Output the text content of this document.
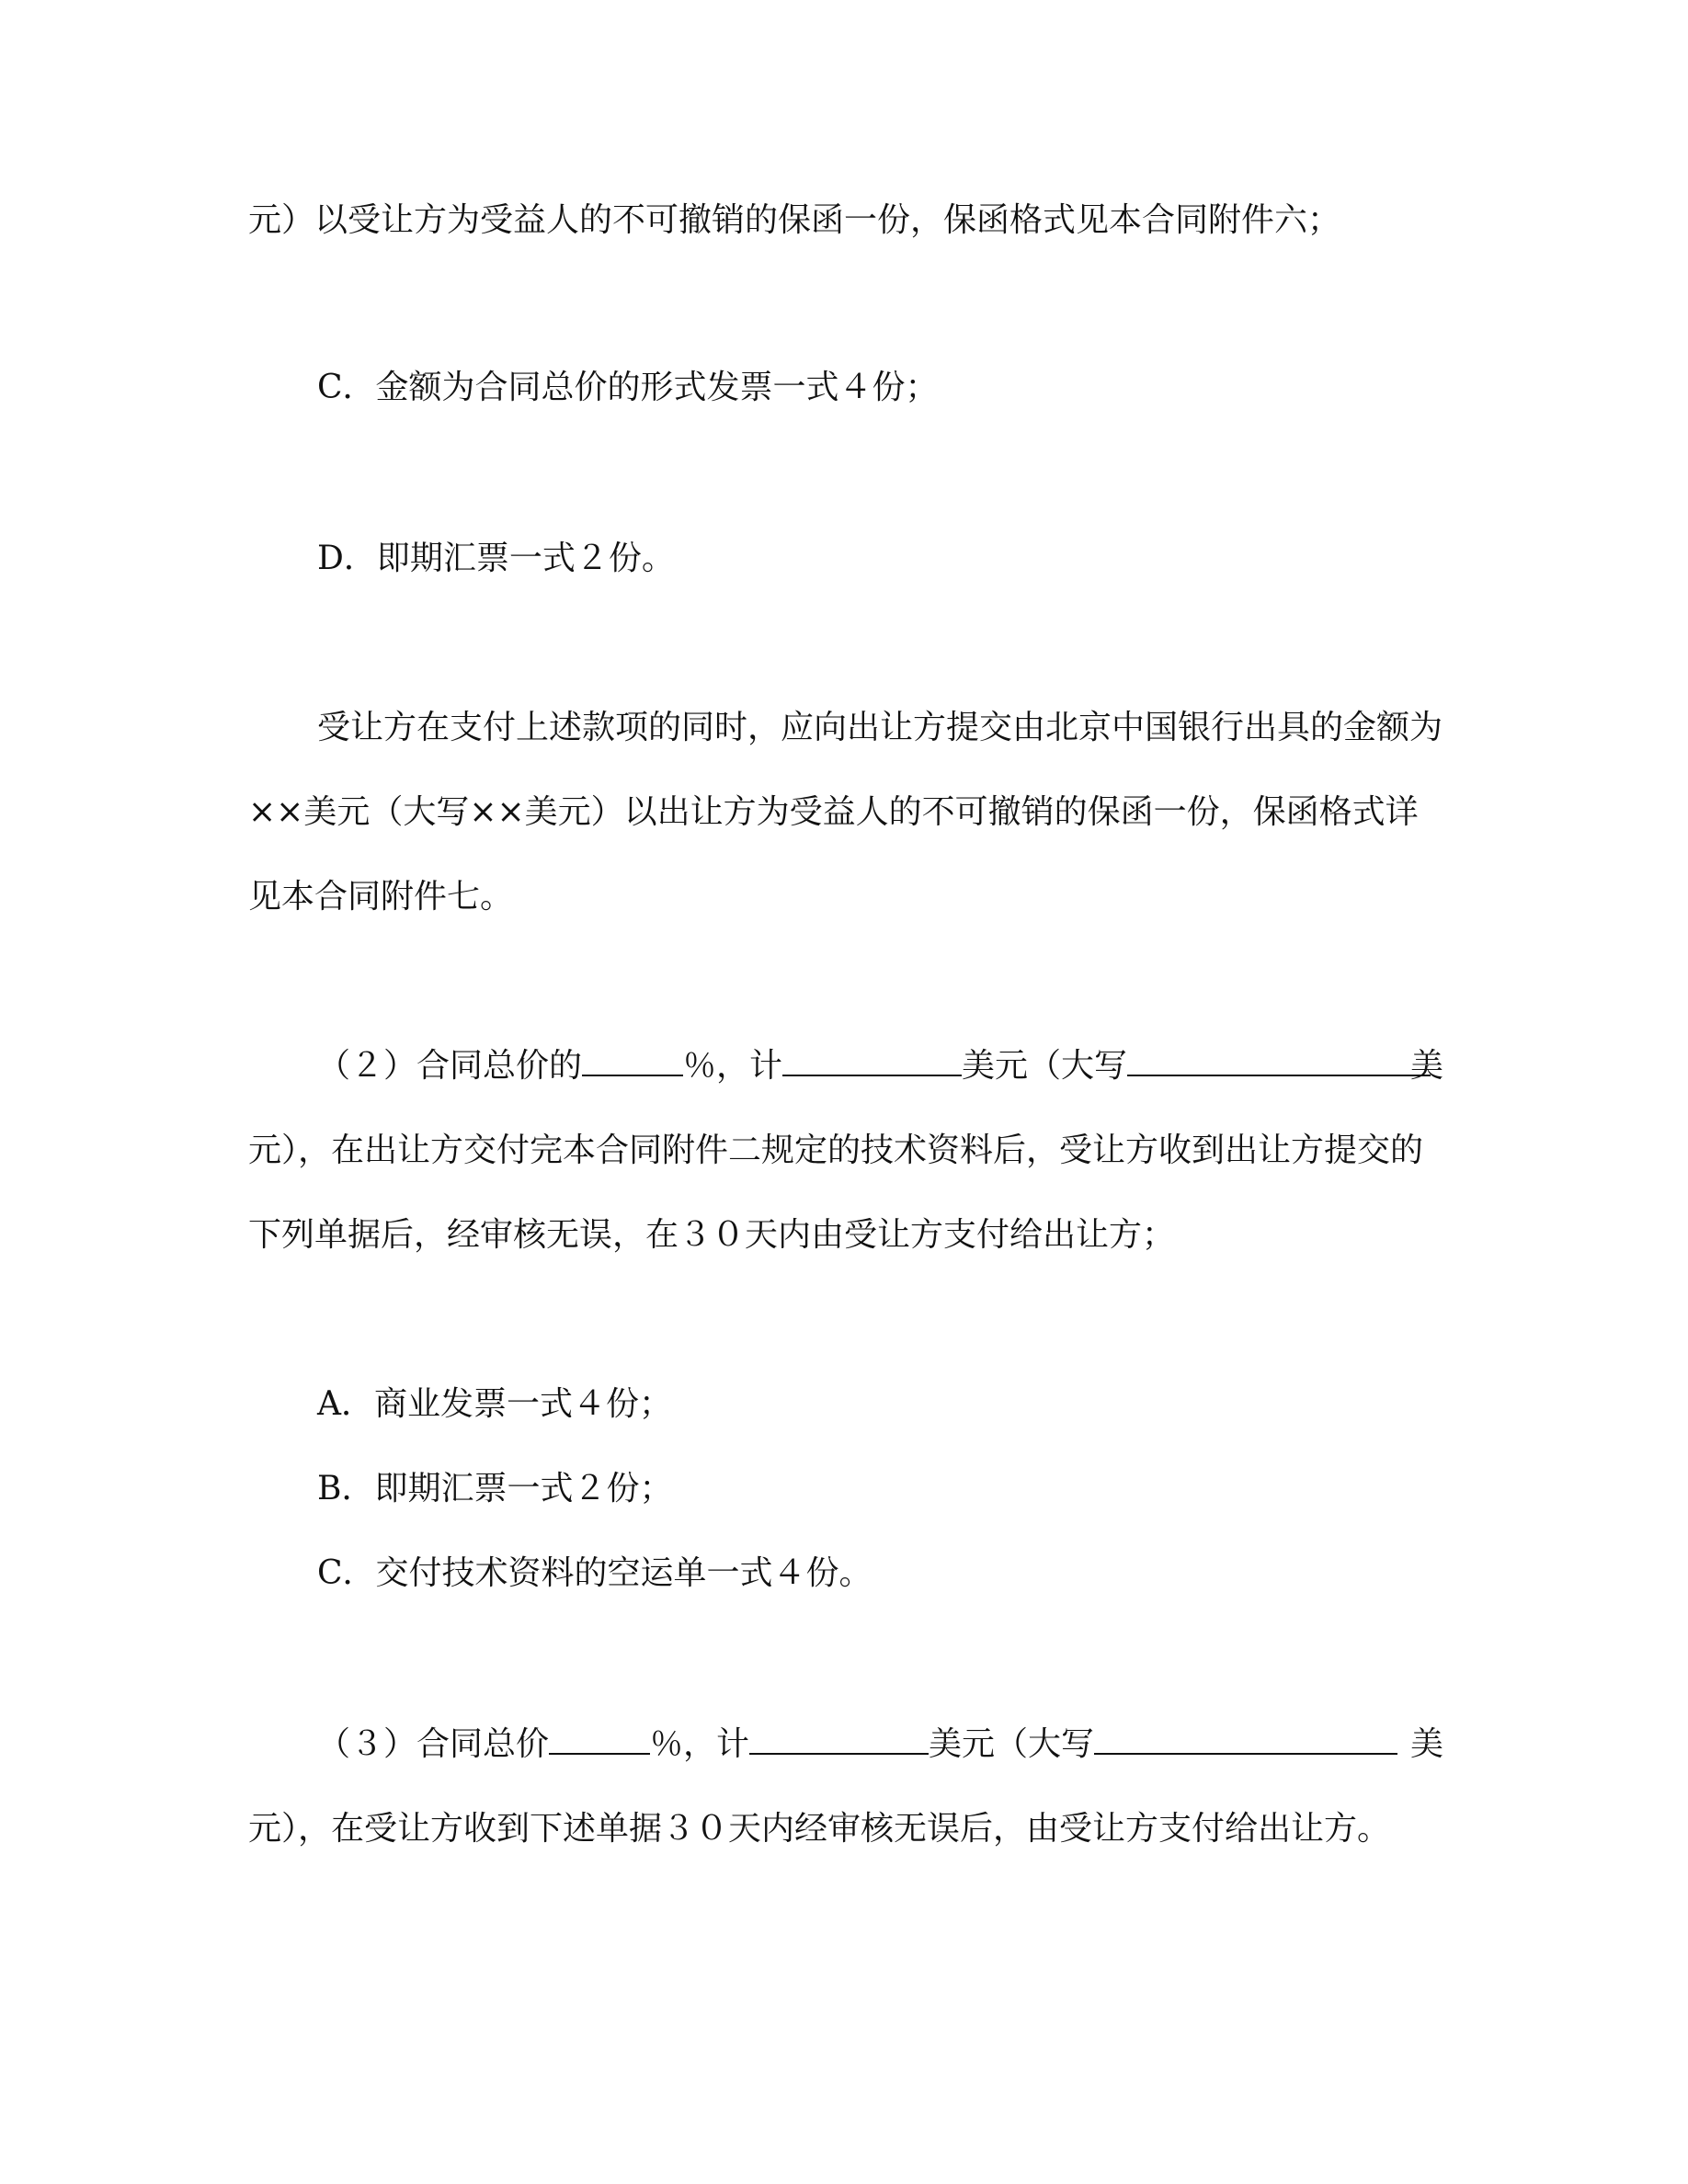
元）以受让方为受益人的不可撤销的保函一份，保函格式见本合同附件六；
C．金额为合同总价的形式发票一式４份；
D．即期汇票一式２份。
受让方在支付上述款项的同时，应向出让方提交由北京中国银行出具的金额为
××美元（大写××美元）以出让方为受益人的不可撤销的保函一份，保函格式详
见本合同附件七。
（２）合同总价的	％，计	美元（大写	美
元），在出让方交付完本合同附件二规定的技术资料后，受让方收到出让方提交的
下列单据后，经审核无误，在３０天内由受让方支付给出让方；
A．商业发票一式４份；
B．即期汇票一式２份；
C．交付技术资料的空运单一式４份。
（３）合同总价	％，计	美元（大写	美
元），在受让方收到下述单据３０天内经审核无误后，由受让方支付给出让方。
